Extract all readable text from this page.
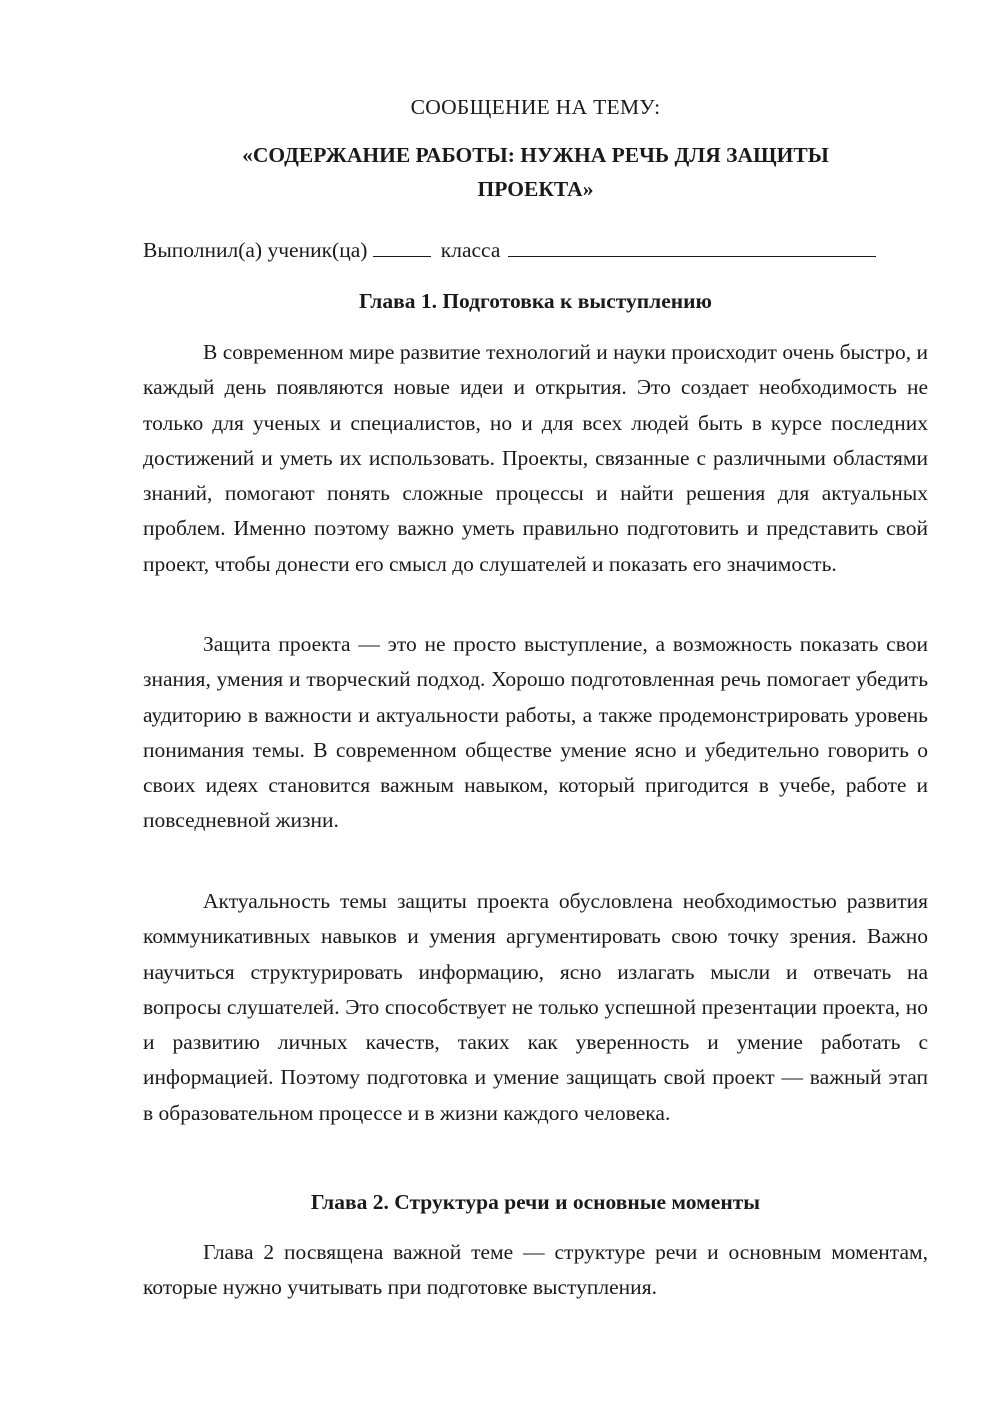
СООБЩЕНИЕ НА ТЕМУ:
«СОДЕРЖАНИЕ РАБОТЫ: НУЖНА РЕЧЬ ДЛЯ ЗАЩИТЫ
ПРОЕКТА»
Выполнил(а) ученик(ца)	класса
Глава 1. Подготовка к выступлению

В современном мире развитие технологий и науки происходит очень быстро, и каждый день появляются новые идеи и открытия. Это создает необходимость не только для ученых и специалистов, но и для всех людей быть в курсе последних достижений и уметь их использовать. Проекты, связанные с различными областями знаний, помогают понять сложные процессы и найти решения для актуальных проблем. Именно поэтому важно уметь правильно подготовить и представить свой проект, чтобы донести его смысл до слушателей и показать его значимость.

Защита проекта — это не просто выступление, а возможность показать свои знания, умения и творческий подход. Хорошо подготовленная речь помогает убедить аудиторию в важности и актуальности работы, а также продемонстрировать уровень понимания темы. В современном обществе умение ясно и убедительно говорить о своих идеях становится важным навыком, который пригодится в учебе, работе и повседневной жизни.

Актуальность темы защиты проекта обусловлена необходимостью развития коммуникативных навыков и умения аргументировать свою точку зрения. Важно научиться структурировать информацию, ясно излагать мысли и отвечать на вопросы слушателей. Это способствует не только успешной презентации проекта, но и развитию личных качеств, таких как уверенность и умение работать с информацией. Поэтому подготовка и умение защищать свой проект — важный этап в образовательном процессе и в жизни каждого человека.

Глава 2. Структура речи и основные моменты

Глава 2 посвящена важной теме — структуре речи и основным моментам, которые нужно учитывать при подготовке выступления.
